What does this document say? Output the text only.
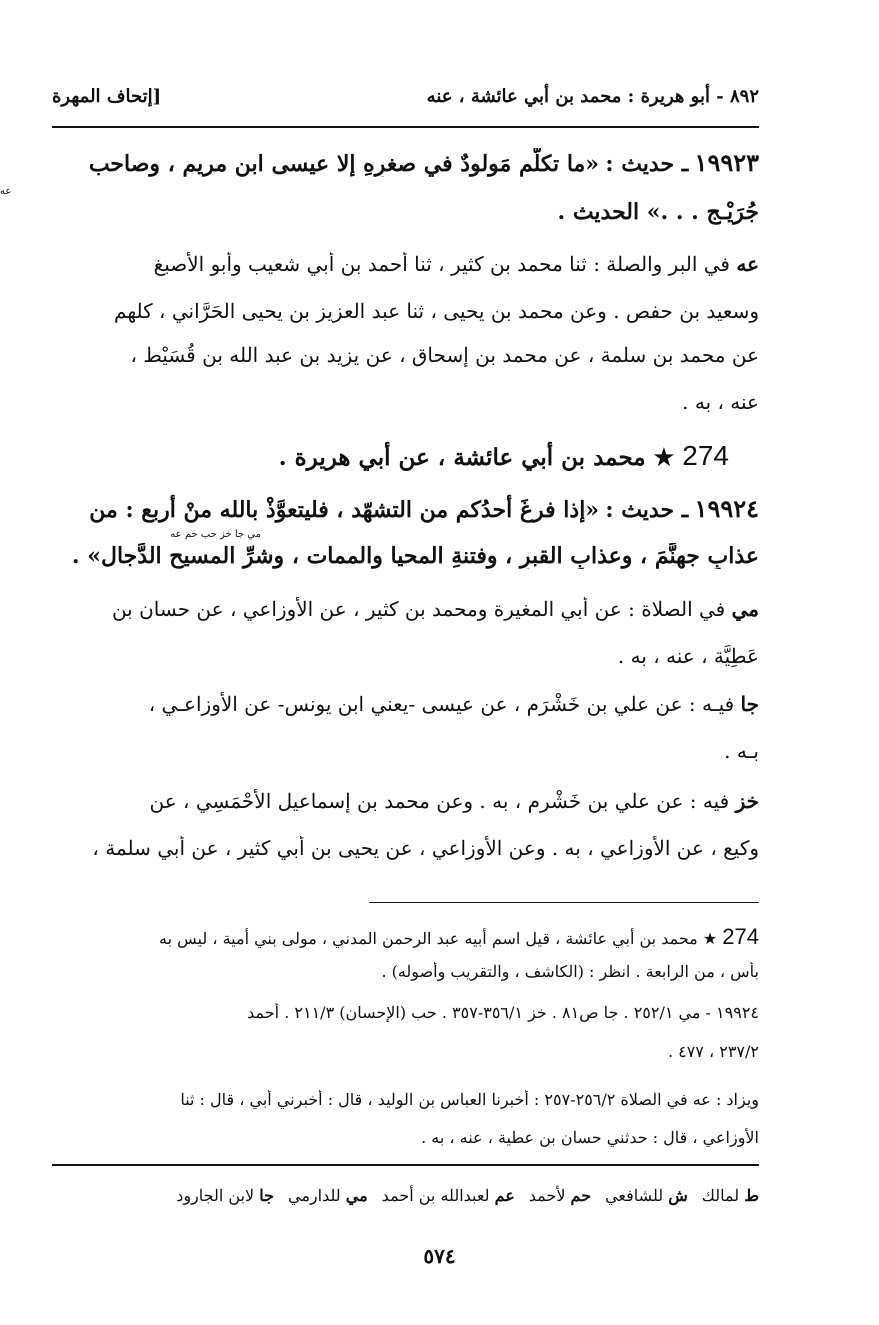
٨٩٢ - أبو هريرة : محمد بن أبي عائشة ، عنه
[إتحاف المهرة
١٩٩٢٣ ـ حديث : «ما تكلَّم مَولودٌ في صغرِهِ إلا عيسى ابن مريم ، وصاحب
عه
جُرَيْـج . . .» الحديث .
عه في البر والصلة : ثنا محمد بن كثير ، ثنا أحمد بن أبي شعيب وأبو الأصبغ
وسعيد بن حفص . وعن محمد بن يحيى ، ثنا عبد العزيز بن يحيى الحَرَّاني ، كلهم
عن محمد بن سلمة ، عن محمد بن إسحاق ، عن يزيد بن عبد الله بن قُسَيْط ،
عنه ، به .
274 ★ محمد بن أبي عائشة ، عن أبي هريرة .
١٩٩٢٤ ـ حديث : «إذا فرغَ أحدُكم من التشهّد ، فليتعوَّذْ بالله منْ أربع : من
مي جا خز حب حم عه
عذابِ جهنَّمَ ، وعذابِ القبرِ ، وفتنةِ المحيا والممات ، وشرِّ المسيحِ الدَّجال» .
مي في الصلاة : عن أبي المغيرة ومحمد بن كثير ، عن الأوزاعي ، عن حسان بن
عَطِيَّة ، عنه ، به .
جا فيـه : عن علي بن خَشْرَم ، عن عيسى -يعني ابن يونس- عن الأوزاعـي ،
بـه .
خز فيه : عن علي بن خَشْرم ، به . وعن محمد بن إسماعيل الأَحْمَسِي ، عن
وكيع ، عن الأوزاعي ، به . وعن الأوزاعي ، عن يحيى بن أبي كثير ، عن أبي سلمة ،
274 ★ محمد بن أبي عائشة ، قيل اسم أبيه عبد الرحمن المدني ، مولى بني أمية ، ليس به
بأس ، من الرابعة . انظر : (الكاشف ، والتقريب وأصوله) .
١٩٩٢٤ - مي ٢٥٢/١ . جا ص٨١ . خز ٣٥٦/١-٣٥٧ . حب (الإحسان) ٢١١/٣ . أحمد
٢٣٧/٢ ، ٤٧٧ .
ويزاد : عه في الصلاة ٢٥٦/٢-٢٥٧ : أخبرنا العباس بن الوليد ، قال : أخبرني أبي ، قال : ثنا
الأوزاعي ، قال : حدثني حسان بن عطية ، عنه ، به .
ط لمالك
ش للشافعي
حم لأحمد
عم لعبدالله بن أحمد
مي للدارمي
جا لابن الجارود
٥٧٤
